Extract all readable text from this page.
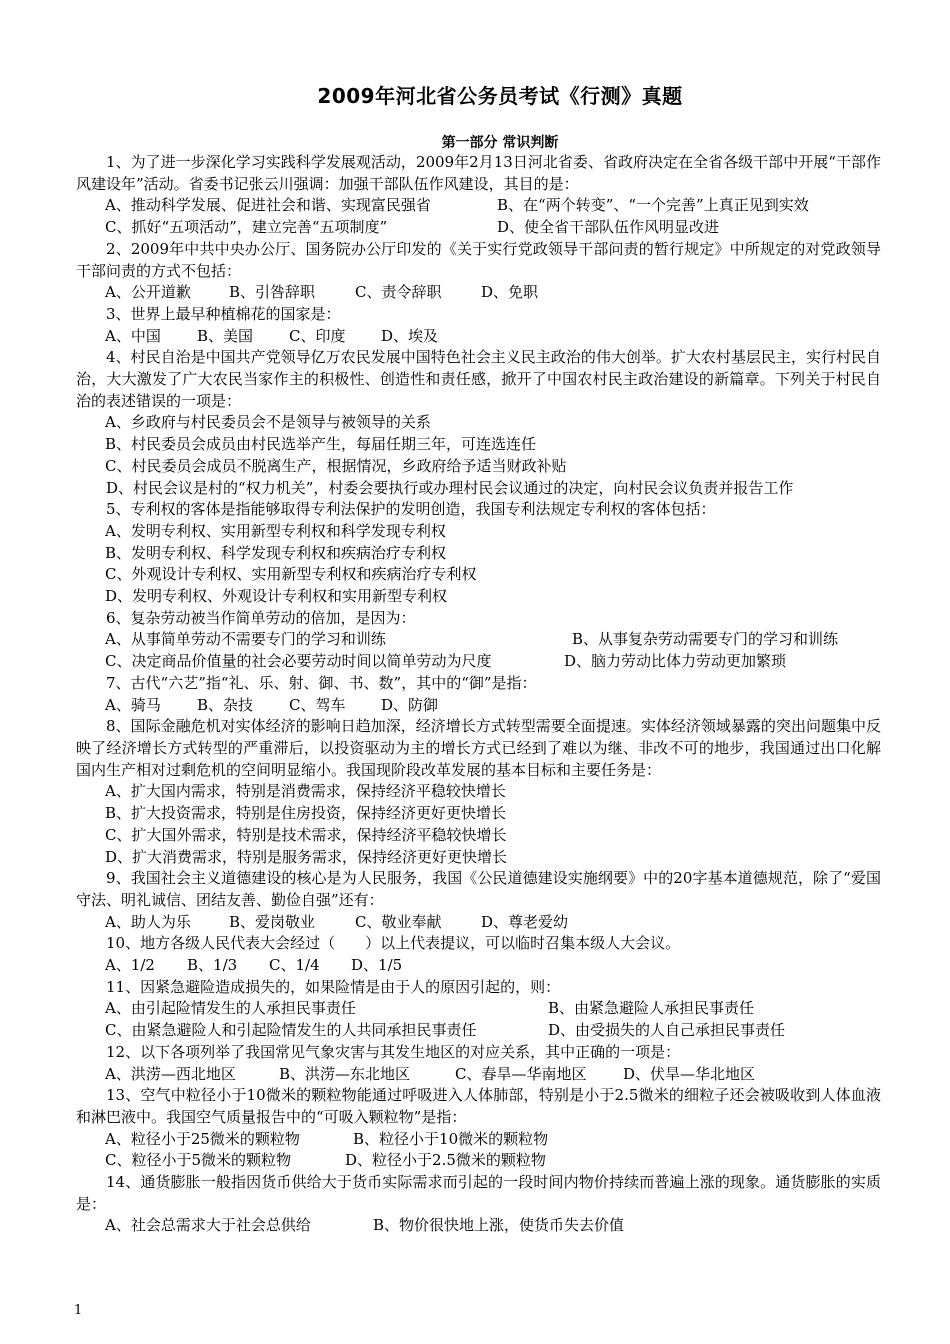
2009年河北省公务员考试《行测》真题
第一部分 常识判断

1、为了进一步深化学习实践科学发展观活动，2009年2月13日河北省委、省政府决定在全省各级干部中开展“干部作风建设年”活动。省委书记张云川强调：加强干部队伍作风建设，其目的是：

A、推动科学发展、促进社会和谐、实现富民强省	B、在“两个转变”、“一个完善”上真正见到实效

C、抓好“五项活动”，建立完善“五项制度”	D、使全省干部队伍作风明显改进

2、2009年中共中央办公厅、国务院办公厅印发的《关于实行党政领导干部问责的暂行规定》中所规定的对党政领导干部问责的方式不包括：

A、公开道歉	B、引咎辞职	C、责令辞职	D、免职

3、世界上最早种植棉花的国家是：

A、中国 B、美国 C、印度 D、埃及

4、村民自治是中国共产党领导亿万农民发展中国特色社会主义民主政治的伟大创举。扩大农村基层民主，实行村民自治，大大激发了广大农民当家作主的积极性、创造性和责任感，掀开了中国农村民主政治建设的新篇章。下列关于村民自治的表述错误的一项是：

A、乡政府与村民委员会不是领导与被领导的关系

B、村民委员会成员由村民选举产生，每届任期三年，可连选连任

C、村民委员会成员不脱离生产，根据情况，乡政府给予适当财政补贴

D、村民会议是村的“权力机关”，村委会要执行或办理村民会议通过的决定，向村民会议负责并报告工作

5、专利权的客体是指能够取得专利法保护的发明创造，我国专利法规定专利权的客体包括：

A、发明专利权、实用新型专利权和科学发现专利权

B、发明专利权、科学发现专利权和疾病治疗专利权

C、外观设计专利权、实用新型专利权和疾病治疗专利权

D、发明专利权、外观设计专利权和实用新型专利权

6、复杂劳动被当作简单劳动的倍加，是因为：

A、从事简单劳动不需要专门的学习和训练	B、从事复杂劳动需要专门的学习和训练

C、决定商品价值量的社会必要劳动时间以简单劳动为尺度	D、脑力劳动比体力劳动更加繁琐

7、古代“六艺”指“礼、乐、射、御、书、数”，其中的“御”是指：

A、骑马 B、杂技 C、驾车 D、防御

8、国际金融危机对实体经济的影响日趋加深，经济增长方式转型需要全面提速。实体经济领域暴露的突出问题集中反映了经济增长方式转型的严重滞后，以投资驱动为主的增长方式已经到了难以为继、非改不可的地步，我国通过出口化解国内生产相对过剩危机的空间明显缩小。我国现阶段改革发展的基本目标和主要任务是：

A、扩大国内需求，特别是消费需求，保持经济平稳较快增长

B、扩大投资需求，特别是住房投资，保持经济更好更快增长

C、扩大国外需求，特别是技术需求，保持经济平稳较快增长

D、扩大消费需求，特别是服务需求，保持经济更好更快增长

9、我国社会主义道德建设的核心是为人民服务，我国《公民道德建设实施纲要》中的20字基本道德规范，除了“爱国守法、明礼诚信、团结友善、勤俭自强”还有：

A、助人为乐	B、爱岗敬业	C、敬业奉献	D、尊老爱幼

10、地方各级人民代表大会经过（　　）以上代表提议，可以临时召集本级人大会议。

A、1/2 B、1/3 C、1/4 D、1/5

11、因紧急避险造成损失的，如果险情是由于人的原因引起的，则：

A、由引起险情发生的人承担民事责任	B、由紧急避险人承担民事责任

C、由紧急避险人和引起险情发生的人共同承担民事责任	D、由受损失的人自己承担民事责任

12、以下各项列举了我国常见气象灾害与其发生地区的对应关系，其中正确的一项是：

A、洪涝—西北地区	B、洪涝—东北地区	C、春旱—华南地区 D、伏旱—华北地区

13、空气中粒径小于10微米的颗粒物能通过呼吸进入人体肺部，特别是小于2.5微米的细粒子还会被吸收到人体血液和淋巴液中。我国空气质量报告中的“可吸入颗粒物”是指：

A、粒径小于25微米的颗粒物	B、粒径小于10微米的颗粒物

C、粒径小于5微米的颗粒物	D、粒径小于2.5微米的颗粒物

14、通货膨胀一般指因货币供给大于货币实际需求而引起的一段时间内物价持续而普遍上涨的现象。通货膨胀的实质是：

A、社会总需求大于社会总供给	B、物价很快地上涨，使货币失去价值

1
